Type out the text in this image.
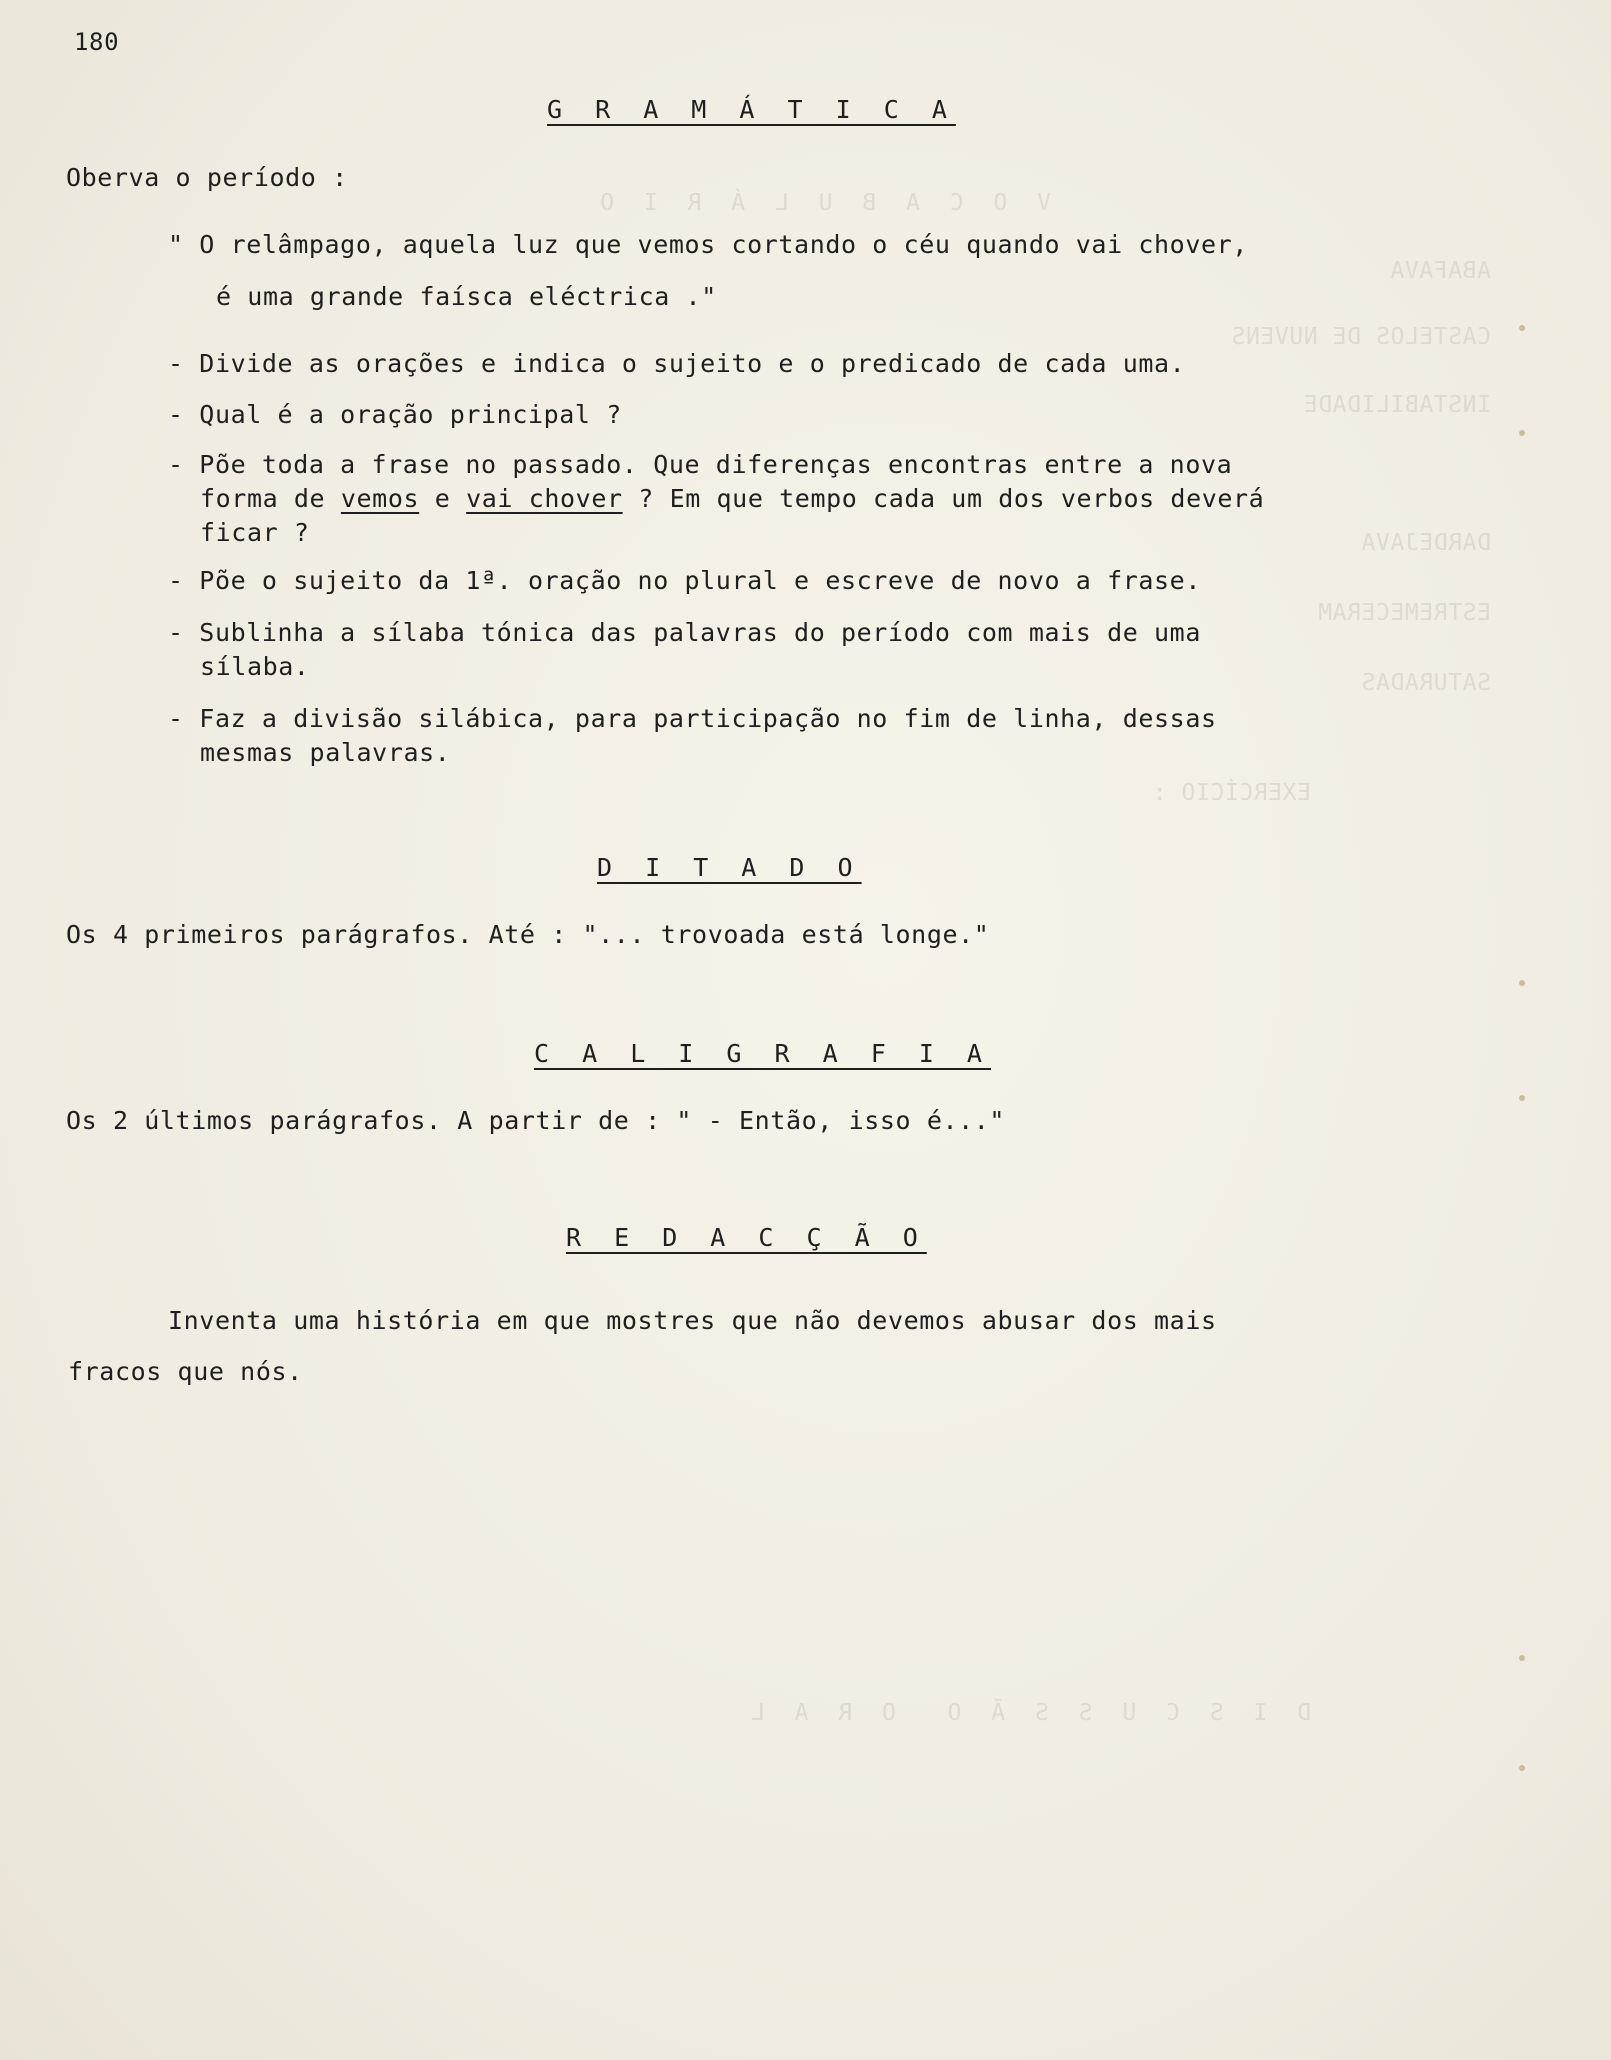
V O C A B U L Á R I O
ABAFAVA
CASTELOS DE NUVENS
INSTABILIDADE
DARDEJAVA
ESTREMECERAM
SATURADAS
EXERCÍCIO :
D I S C U S S Ã O  O R A L
180
G R A M Á T I C A
Oberva o período :
" O relâmpago, aquela luz que vemos cortando o céu quando vai chover,
é uma grande faísca eléctrica ."
- Divide as orações e indica o sujeito e o predicado de cada uma.
- Qual é a oração principal ?
- Põe toda a frase no passado. Que diferenças encontras entre a nova
forma de vemos e vai chover ? Em que tempo cada um dos verbos deverá
ficar ?
- Põe o sujeito da 1ª. oração no plural e escreve de novo a frase.
- Sublinha a sílaba tónica das palavras do período com mais de uma
sílaba.
- Faz a divisão silábica, para participação no fim de linha, dessas
mesmas palavras.
D I T A D O
Os 4 primeiros parágrafos. Até : "... trovoada está longe."
C A L I G R A F I A
Os 2 últimos parágrafos. A partir de : " - Então, isso é..."
R E D A C Ç Ã O
Inventa uma história em que mostres que não devemos abusar dos mais
fracos que nós.
